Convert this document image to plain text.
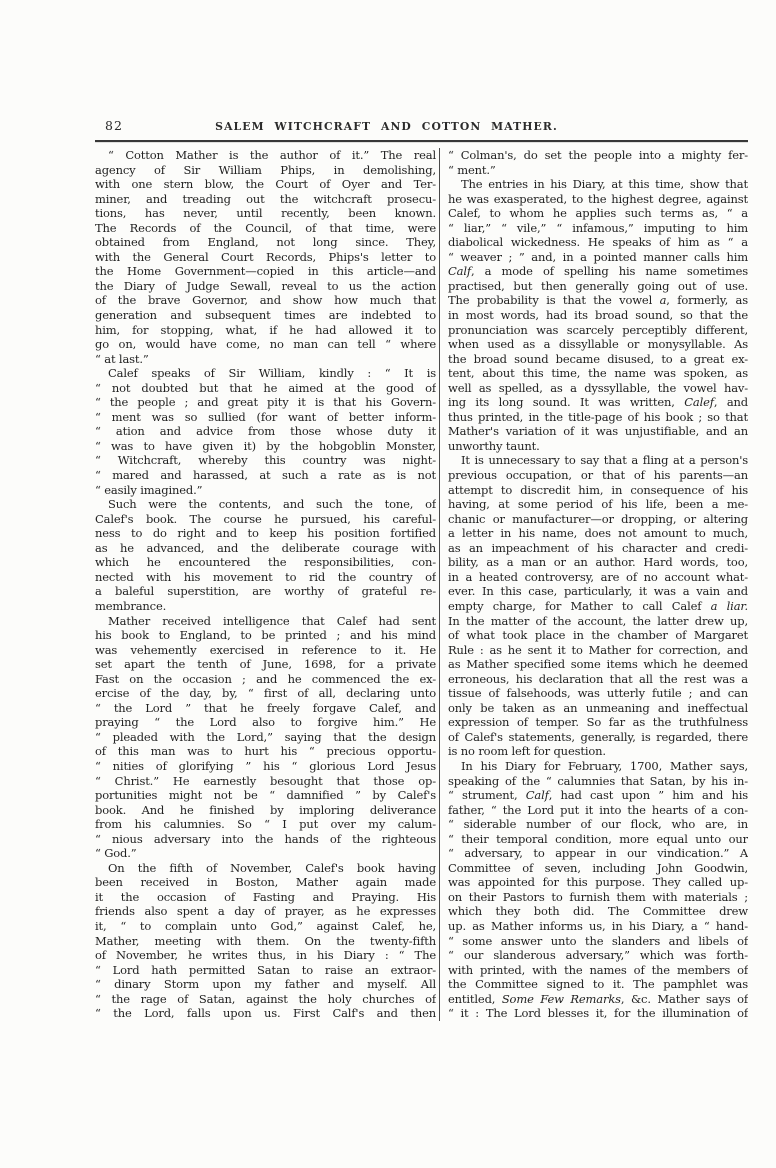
82	SALEM WITCHCRAFT AND COTTON MATHER.
“ Cotton Mather is the author of it.” The real
agency of Sir William Phips, in demolishing,
with one stern blow, the Court of Oyer and Ter-
miner, and treading out the witchcraft prosecu-
tions, has never, until recently, been known.
The Records of the Council, of that time, were
obtained from England, not long since. They,
with the General Court Records, Phips's letter to
the Home Government—copied in this article—and
the Diary of Judge Sewall, reveal to us the action
of the brave Governor, and show how much that
generation and subsequent times are indebted to
him, for stopping, what, if he had allowed it to
go on, would have come, no man can tell “ where
“ at last.”
Calef speaks of Sir William, kindly : “ It is
“ not doubted but that he aimed at the good of
“ the people ; and great pity it is that his Govern-
“ ment was so sullied (for want of better inform-
“ ation and advice from those whose duty it
“ was to have given it) by the hobgoblin Monster,
“ Witchcraft, whereby this country was night-
“ mared and harassed, at such a rate as is not
“ easily imagined.”
Such were the contents, and such the tone, of
Calef's book. The course he pursued, his careful-
ness to do right and to keep his position fortified
as he advanced, and the deliberate courage with
which he encountered the responsibilities, con-
nected with his movement to rid the country of
a baleful superstition, are worthy of grateful re-
membrance.
Mather received intelligence that Calef had sent
his book to England, to be printed ; and his mind
was vehemently exercised in reference to it. He
set apart the tenth of June, 1698, for a private
Fast on the occasion ; and he commenced the ex-
ercise of the day, by, “ first of all, declaring unto
“ the Lord ” that he freely forgave Calef, and
praying “ the Lord also to forgive him.” He
“ pleaded with the Lord,” saying that the design
of this man was to hurt his “ precious opportu-
“ nities of glorifying ” his “ glorious Lord Jesus
“ Christ.” He earnestly besought that those op-
portunities might not be “ damnified ” by Calef's
book. And he finished by imploring deliverance
from his calumnies. So “ I put over my calum-
“ nious adversary into the hands of the righteous
“ God.”
On the fifth of November, Calef's book having
been received in Boston, Mather again made
it the occasion of Fasting and Praying. His
friends also spent a day of prayer, as he expresses
it, “ to complain unto God,” against Calef, he,
Mather, meeting with them. On the twenty-fifth
of November, he writes thus, in his Diary : “ The
“ Lord hath permitted Satan to raise an extraor-
“ dinary Storm upon my father and myself. All
“ the rage of Satan, against the holy churches of
“ the Lord, falls upon us. First Calf's and then
“ Colman's, do set the people into a mighty fer-
“ ment.”
The entries in his Diary, at this time, show that
he was exasperated, to the highest degree, against
Calef, to whom he applies such terms as, “ a
“ liar,” “ vile,” “ infamous,” imputing to him
diabolical wickedness. He speaks of him as “ a
“ weaver ; ” and, in a pointed manner calls him
Calf, a mode of spelling his name sometimes
practised, but then generally going out of use.
The probability is that the vowel a, formerly, as
in most words, had its broad sound, so that the
pronunciation was scarcely perceptibly different,
when used as a dissyllable or monysyllable. As
the broad sound became disused, to a great ex-
tent, about this time, the name was spoken, as
well as spelled, as a dyssyllable, the vowel hav-
ing its long sound. It was written, Calef, and
thus printed, in the title-page of his book ; so that
Mather's variation of it was unjustifiable, and an
unworthy taunt.
It is unnecessary to say that a fling at a person's
previous occupation, or that of his parents—an
attempt to discredit him, in consequence of his
having, at some period of his life, been a me-
chanic or manufacturer—or dropping, or altering
a letter in his name, does not amount to much,
as an impeachment of his character and credi-
bility, as a man or an author. Hard words, too,
in a heated controversy, are of no account what-
ever. In this case, particularly, it was a vain and
empty charge, for Mather to call Calef a liar.
In the matter of the account, the latter drew up,
of what took place in the chamber of Margaret
Rule : as he sent it to Mather for correction, and
as Mather specified some items which he deemed
erroneous, his declaration that all the rest was a
tissue of falsehoods, was utterly futile ; and can
only be taken as an unmeaning and ineffectual
expression of temper. So far as the truthfulness
of Calef's statements, generally, is regarded, there
is no room left for question.
In his Diary for February, 1700, Mather says,
speaking of the “ calumnies that Satan, by his in-
“ strument, Calf, had cast upon ” him and his
father, “ the Lord put it into the hearts of a con-
“ siderable number of our flock, who are, in
“ their temporal condition, more equal unto our
“ adversary, to appear in our vindication.” A
Committee of seven, including John Goodwin,
was appointed for this purpose. They called up-
on their Pastors to furnish them with materials ;
which they both did. The Committee drew
up. as Mather informs us, in his Diary, a “ hand-
“ some answer unto the slanders and libels of
“ our slanderous adversary,” which was forth-
with printed, with the names of the members of
the Committee signed to it. The pamphlet was
entitled, Some Few Remarks, &c. Mather says of
“ it : The Lord blesses it, for the illumination of
